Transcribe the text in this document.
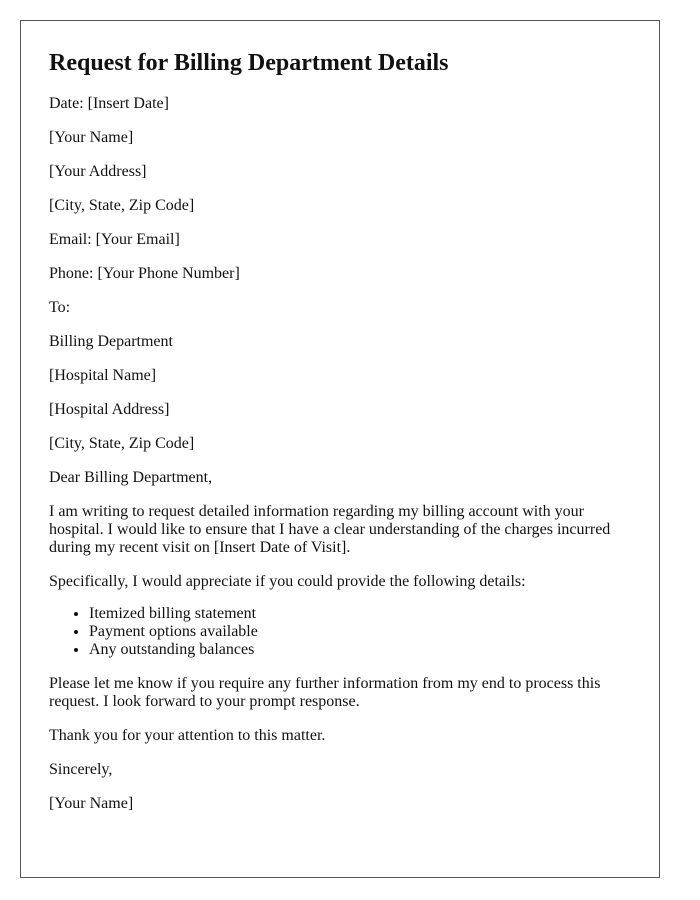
Request for Billing Department Details

Date: [Insert Date]

[Your Name]

[Your Address]

[City, State, Zip Code]

Email: [Your Email]

Phone: [Your Phone Number]

To:

Billing Department

[Hospital Name]

[Hospital Address]

[City, State, Zip Code]

Dear Billing Department,

I am writing to request detailed information regarding my billing account with your hospital. I would like to ensure that I have a clear understanding of the charges incurred during my recent visit on [Insert Date of Visit].

Specifically, I would appreciate if you could provide the following details:

• Itemized billing statement
• Payment options available
• Any outstanding balances

Please let me know if you require any further information from my end to process this request. I look forward to your prompt response.

Thank you for your attention to this matter.

Sincerely,

[Your Name]
